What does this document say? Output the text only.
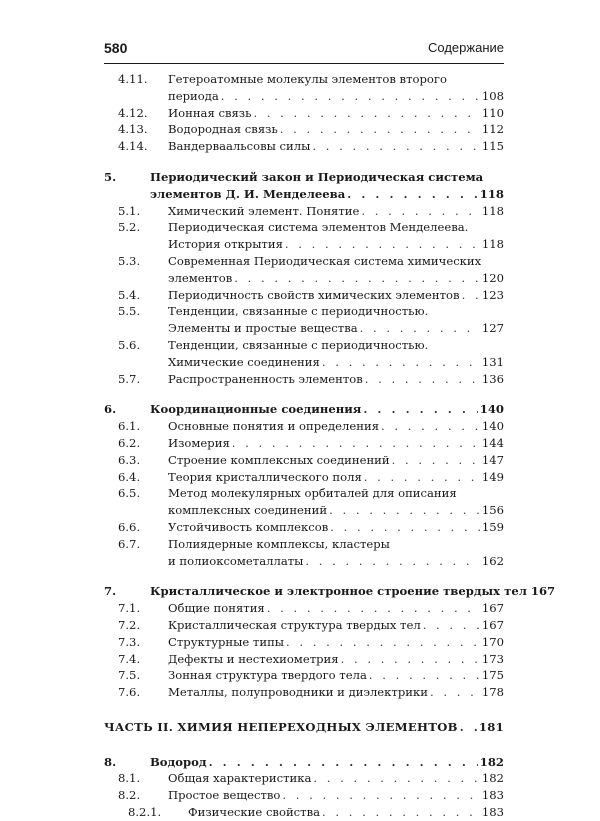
580	Содержание
4.11. Гетероатомные молекулы элементов второго
периода . . .	108
4.12. Ионная связь . . .	110
4.13. Водородная связь . . .	112
4.14. Вандерваальсовы силы . . .	115
5.	Периодический закон и Периодическая система
элементов Д. И. Менделеева . . .	118
5.1. Химический элемент. Понятие . . .	118
5.2. Периодическая система элементов Менделеева.
История открытия . . .	118
5.3. Современная Периодическая система химических
элементов . . .	120
5.4. Периодичность свойств химических элементов . . . 123
5.5. Тенденции, связанные с периодичностью.
Элементы и простые вещества . . .	127
5.6. Тенденции, связанные с периодичностью.
Химические соединения . . .	131
5.7. Распространенность элементов . . .	136
6.	Координационные соединения . . .	140
6.1. Основные понятия и определения . . .	140
6.2. Изомерия . . .	144
6.3. Строение комплексных соединений . . .	147
6.4. Теория кристаллического поля . . .	149
6.5. Метод молекулярных орбиталей для описания
комплексных соединений . . .	156
6.6. Устойчивость комплексов . . .	159
6.7. Полиядерные комплексы, кластеры
и полиоксометаллаты . . .	162
7.	Кристаллическое и электронное строение твердых тел 167
7.1. Общие понятия . . .	167
7.2. Кристаллическая структура твердых тел . . .	167
7.3. Структурные типы . . .	170
7.4. Дефекты и нестехиометрия . . .	173
7.5. Зонная структура твердого тела . . .	175
7.6. Металлы, полупроводники и диэлектрики . . .	178
ЧАСТЬ II. ХИМИЯ НЕПЕРЕХОДНЫХ ЭЛЕМЕНТОВ . . . 181
8.	Водород . . .	182
8.1. Общая характеристика . . .	182
8.2. Простое вещество . . .	183
8.2.1. Физические свойства . . .	183
